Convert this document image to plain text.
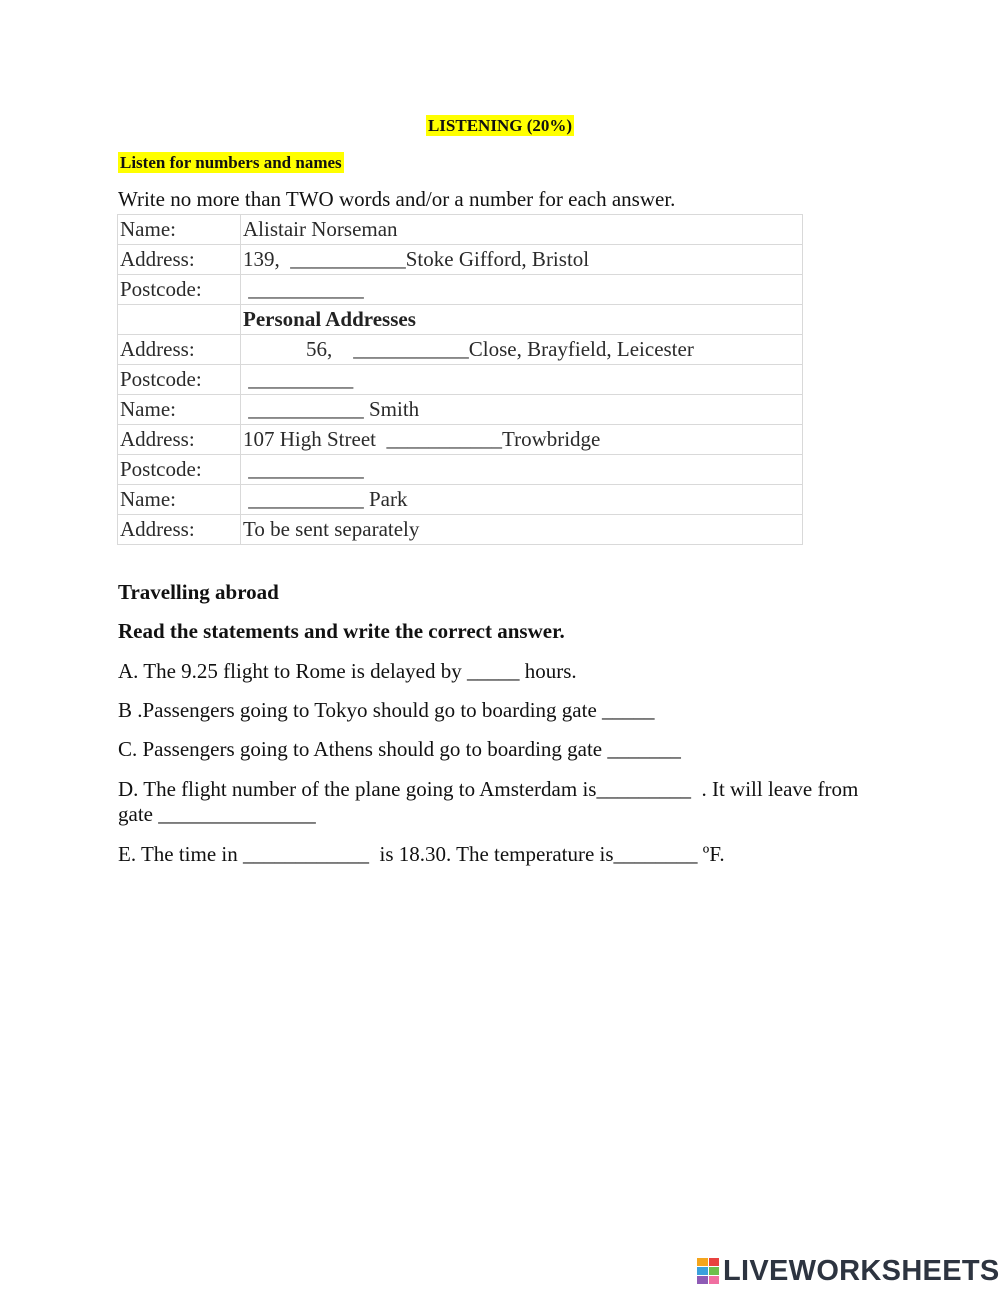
LISTENING (20%)
Listen for numbers and names
Write no more than TWO words and/or a number for each answer.
Name:	Alistair Norseman
Address:	139,  ___________Stoke Gifford, Bristol
Postcode:	___________
	Personal Addresses
Address:	56,    ___________Close, Brayfield, Leicester
Postcode:	__________
Name:	___________ Smith
Address:	107 High Street  ___________Trowbridge
Postcode:	___________
Name:	___________ Park
Address:	To be sent separately
Travelling abroad
Read the statements and write the correct answer.
A. The 9.25 flight to Rome is delayed by _____ hours.
B .Passengers going to Tokyo should go to boarding gate _____
C. Passengers going to Athens should go to boarding gate _______
D. The flight number of the plane going to Amsterdam is_________  . It will leave from gate _______________
E. The time in ____________  is 18.30. The temperature is________ ºF.
LIVEWORKSHEETS
